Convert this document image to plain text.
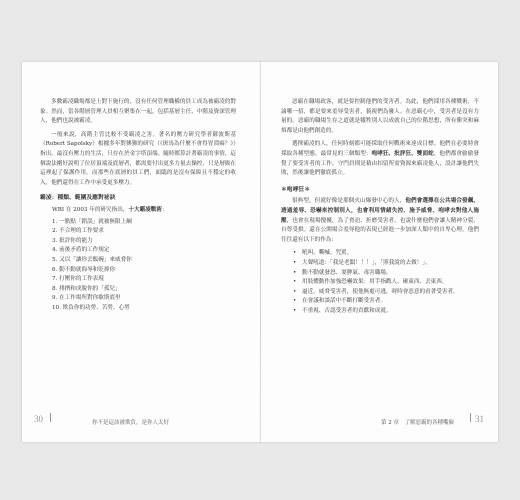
多數霸凌職場都是上對下施行的，沒有任何管理職權的員工成為被霸凌的對象。然而，當各階層管理人員相互聚集在一起，包括基層主任、中階及資深管理人，他們也說被霸凌。

一般來說，高階主管比較不受霸凌之害。著名的壓力研究學者薩波斯基（Robert Sapolsky）根據多年對狒狒的研究（《斑馬為什麼不會得胃潰瘍？》）指出，最沒有壓力的生活，只存在於金字塔頂端。隨時都算計著霸凌的事情，這個說法剛好說明了位居頂端及底層者，都需要付出更多力量去操控，只是層級在這裡起了保護作用。而那些在底層的員工們，面臨的是沒有保障且不穩定的收入，他們還得在工作中承受更多壓力。

霸凌：種類、範圍及應對祕訣

WBI 在 2003 年的研究指出，十大霸凌戰術：

1. 一點點「錯誤」就被無限上綱
2. 不合理的工作要求
3. 批評你的能力
4. 前後矛盾的工作規定
5. 又以「讓你丟飯碗」來威脅你
6. 動不動就侮辱和貶抑你
7. 打壓你的工作表現
8. 排擠和成脫你的「孤兒」
9. 在工作場所對你歇斯底里
10. 欺負你的功勞、苦勞、心勞
30	你不是這該被欺負，是你人太好

惡霸在職場政客，就是要控制他們的受害者。為此，他們採用各種戰術，不論哪一招，都是要來羞辱受害者，藐視們為廢人。在惡霸心中，受害者是沒有力量的。惡霸的職場生存之道就是犧牲別人以成就自己的位階思想，所有衝突和麻煩都是由他們創造的。

選擇霸凌的人，任何時刻都可能採取任何戰術來達成目標。他們在必要時會採取各種型態，最常見的三個類型：咆哮狂、批評狂、雙面蛇。他們都會偷偷發覺了要受害者的工作，守門員則是藉由扣留所需資源來霸凌他人，設計讓他們失敗，然後讓他們徹底孤立。

＊咆哮狂＊

很典型，但就好像是那個火山爆發中心的人，他們會選擇在公共場合發飆，透過羞辱、恐嚇來控制別人，也會利用情緒失控、施予威脅、咆哮去對他人施壓，也會在現場攪擾，為了脅迫、折磨受害者。也說什麼他們會讓人精神分裂，自尊受損。還在公開場合羞辱他的表現已經進一步加深人類中的自卑心理。他們往往還有以下的作為：

• 吼叫、嘶喊、咒罵。
• 大聲吼道：「我是老闆！！！」，「照我說的去做！」。
• 動不動就發怒、耍脾氣、毒害職場。
• 用肢體動作加強恐嚇效果：用手指戳人、砸東西、丟東西。
• 逼近，威脅受害者，使他無處可逃，時時會惡意的看著受害者。
• 在會議和談話中不斷打斷受害者。
• 不重視、否認受害者的貢獻和成就。
第 2 章　了解惡霸的各種嘴臉 31
